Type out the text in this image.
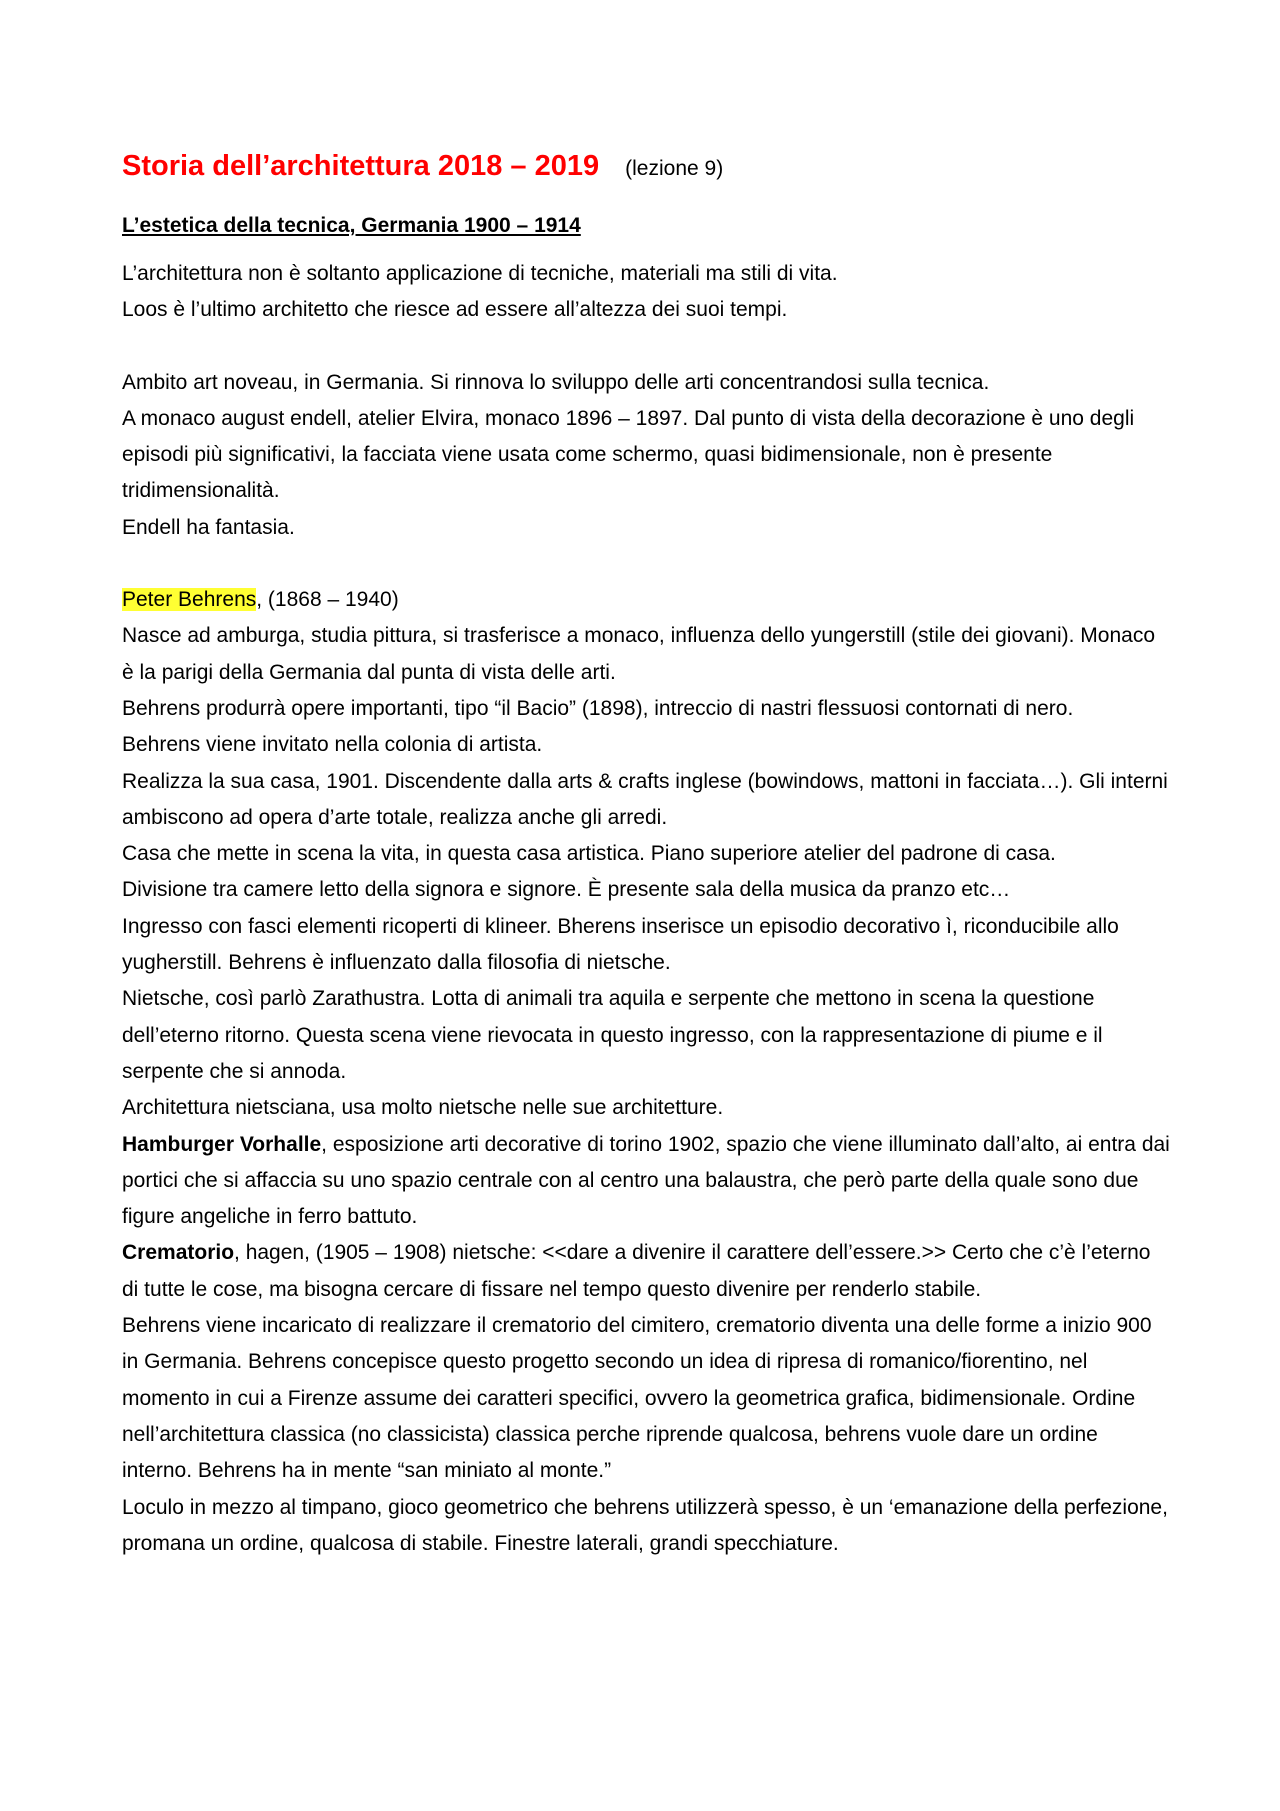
Storia dell’architettura 2018 – 2019 (lezione 9)
L’estetica della tecnica, Germania 1900 – 1914

L’architettura non è soltanto applicazione di tecniche, materiali ma stili di vita.

Loos è l’ultimo architetto che riesce ad essere all’altezza dei suoi tempi.

Ambito art noveau, in Germania. Si rinnova lo sviluppo delle arti concentrandosi sulla tecnica.

A monaco august endell, atelier Elvira, monaco 1896 – 1897. Dal punto di vista della decorazione è uno degli episodi più significativi, la facciata viene usata come schermo, quasi bidimensionale, non è presente tridimensionalità.

Endell ha fantasia.

Peter Behrens, (1868 – 1940)

Nasce ad amburga, studia pittura, si trasferisce a monaco, influenza dello yungerstill (stile dei giovani). Monaco è la parigi della Germania dal punta di vista delle arti.

Behrens produrrà opere importanti, tipo “il Bacio” (1898), intreccio di nastri flessuosi contornati di nero.

Behrens viene invitato nella colonia di artista.

Realizza la sua casa, 1901. Discendente dalla arts & crafts inglese (bowindows, mattoni in facciata…). Gli interni ambiscono ad opera d’arte totale, realizza anche gli arredi.

Casa che mette in scena la vita, in questa casa artistica. Piano superiore atelier del padrone di casa.

Divisione tra camere letto della signora e signore. È presente sala della musica da pranzo etc…

Ingresso con fasci elementi ricoperti di klineer. Bherens inserisce un episodio decorativo ì, riconducibile allo yugherstill. Behrens è influenzato dalla filosofia di nietsche.

Nietsche, così parlò Zarathustra. Lotta di animali tra aquila e serpente che mettono in scena la questione dell’eterno ritorno. Questa scena viene rievocata in questo ingresso, con la rappresentazione di piume e il serpente che si annoda.

Architettura nietsciana, usa molto nietsche nelle sue architetture.

Hamburger Vorhalle, esposizione arti decorative di torino 1902, spazio che viene illuminato dall’alto, ai entra dai portici che si affaccia su uno spazio centrale con al centro una balaustra, che però parte della quale sono due figure angeliche in ferro battuto.

Crematorio, hagen, (1905 – 1908) nietsche: <<dare a divenire il carattere dell’essere.>> Certo che c’è l’eterno di tutte le cose, ma bisogna cercare di fissare nel tempo questo divenire per renderlo stabile.

Behrens viene incaricato di realizzare il crematorio del cimitero, crematorio diventa una delle forme a inizio 900 in Germania. Behrens concepisce questo progetto secondo un idea di ripresa di romanico/fiorentino, nel momento in cui a Firenze assume dei caratteri specifici, ovvero la geometrica grafica, bidimensionale. Ordine nell’architettura classica (no classicista) classica perche riprende qualcosa, behrens vuole dare un ordine interno. Behrens ha in mente “san miniato al monte.”

Loculo in mezzo al timpano, gioco geometrico che behrens utilizzerà spesso, è un ‘emanazione della perfezione, promana un ordine, qualcosa di stabile. Finestre laterali, grandi specchiature.
